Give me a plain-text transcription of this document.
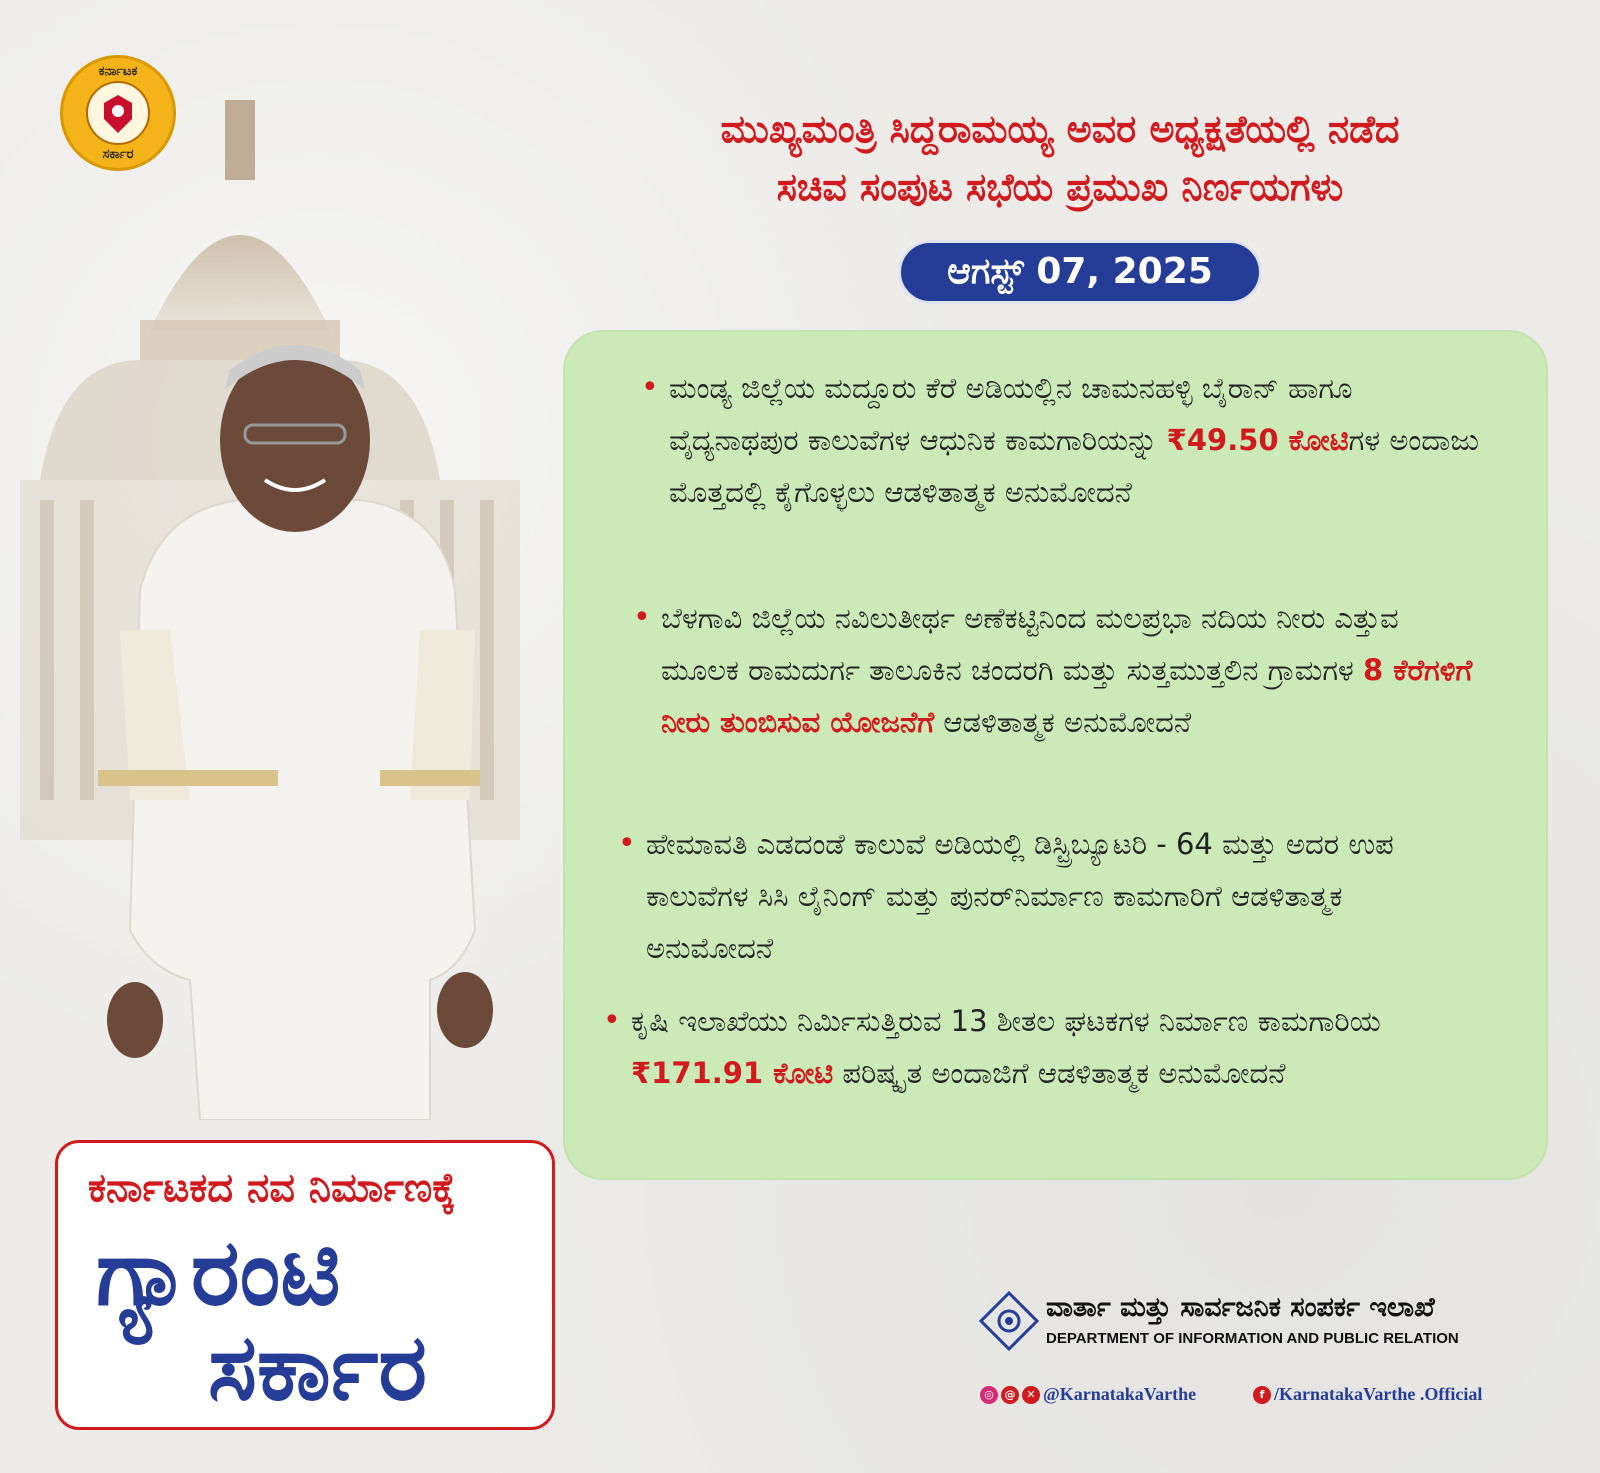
ಕರ್ನಾಟಕ
ಸರ್ಕಾರ
ಮುಖ್ಯಮಂತ್ರಿ ಸಿದ್ದರಾಮಯ್ಯ ಅವರ ಅಧ್ಯಕ್ಷತೆಯಲ್ಲಿ ನಡೆದ
ಸಚಿವ ಸಂಪುಟ ಸಭೆಯ ಪ್ರಮುಖ ನಿರ್ಣಯಗಳು
ಆಗಸ್ಟ್ 07, 2025
• ಮಂಡ್ಯ ಜಿಲ್ಲೆಯ ಮದ್ದೂರು ಕೆರೆ ಅಡಿಯಲ್ಲಿನ ಚಾಮನಹಳ್ಳಿ ಬೈರಾನ್ ಹಾಗೂ ವೈದ್ಯನಾಥಪುರ ಕಾಲುವೆಗಳ ಆಧುನಿಕ ಕಾಮಗಾರಿಯನ್ನು ₹49.50 ಕೋಟಿಗಳ ಅಂದಾಜು ಮೊತ್ತದಲ್ಲಿ ಕೈಗೊಳ್ಳಲು ಆಡಳಿತಾತ್ಮಕ ಅನುಮೋದನೆ
• ಬೆಳಗಾವಿ ಜಿಲ್ಲೆಯ ನವಿಲುತೀರ್ಥ ಅಣೆಕಟ್ಟಿನಿಂದ ಮಲಪ್ರಭಾ ನದಿಯ ನೀರು ಎತ್ತುವ ಮೂಲಕ ರಾಮದುರ್ಗ ತಾಲೂಕಿನ ಚಂದರಗಿ ಮತ್ತು ಸುತ್ತಮುತ್ತಲಿನ ಗ್ರಾಮಗಳ 8 ಕೆರೆಗಳಿಗೆ ನೀರು ತುಂಬಿಸುವ ಯೋಜನೆಗೆ ಆಡಳಿತಾತ್ಮಕ ಅನುಮೋದನೆ
• ಹೇಮಾವತಿ ಎಡದಂಡೆ ಕಾಲುವೆ ಅಡಿಯಲ್ಲಿ ಡಿಸ್ಟ್ರಿಬ್ಯೂಟರಿ - 64 ಮತ್ತು ಅದರ ಉಪ ಕಾಲುವೆಗಳ ಸಿಸಿ ಲೈನಿಂಗ್ ಮತ್ತು ಪುನರ್‌ನಿರ್ಮಾಣ ಕಾಮಗಾರಿಗೆ ಆಡಳಿತಾತ್ಮಕ ಅನುಮೋದನೆ
• ಕೃಷಿ ಇಲಾಖೆಯು ನಿರ್ಮಿಸುತ್ತಿರುವ 13 ಶೀತಲ ಘಟಕಗಳ ನಿರ್ಮಾಣ ಕಾಮಗಾರಿಯ ₹171.91 ಕೋಟಿ ಪರಿಷ್ಕೃತ ಅಂದಾಜಿಗೆ ಆಡಳಿತಾತ್ಮಕ ಅನುಮೋದನೆ
ಕರ್ನಾಟಕದ ನವ ನಿರ್ಮಾಣಕ್ಕೆ
ಗ್ಯಾರಂಟಿ
ಸರ್ಕಾರ
ವಾರ್ತಾ ಮತ್ತು ಸಾರ್ವಜನಿಕ ಸಂಪರ್ಕ ಇಲಾಖೆ
DEPARTMENT OF INFORMATION AND PUBLIC RELATION
◎ @ ✕ @KarnatakaVarthe	f /KarnatakaVarthe .Official
